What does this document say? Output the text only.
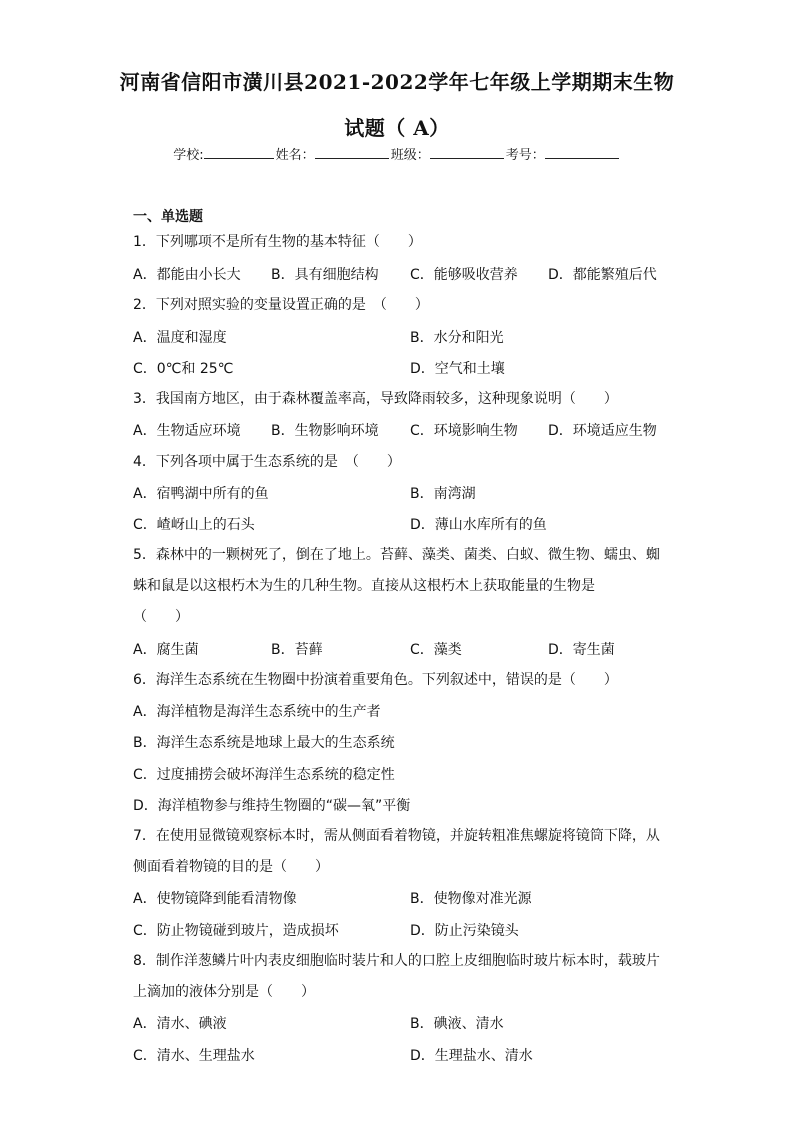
河南省信阳市潢川县2021-2022学年七年级上学期期末生物
试题（ A）
学校:	姓名：	班级：	考号：
一、单选题
1．下列哪项不是所有生物的基本特征（　　）
A．都能由小长大 B．具有细胞结构 C．能够吸收营养 D．都能繁殖后代
2．下列对照实验的变量设置正确的是　（　　）
A．温度和湿度	B．水分和阳光
C．0℃和 25℃	D．空气和土壤
3．我国南方地区，由于森林覆盖率高，导致降雨较多，这种现象说明（　　）
A．生物适应环境 B．生物影响环境 C．环境影响生物 D．环境适应生物
4．下列各项中属于生态系统的是　（　　）
A．宿鸭湖中所有的鱼	B．南湾湖
C．嵖岈山上的石头	D．薄山水库所有的鱼
5．森林中的一颗树死了，倒在了地上。苔藓、藻类、菌类、白蚁、微生物、蠕虫、蜘
蛛和鼠是以这根朽木为生的几种生物。直接从这根朽木上获取能量的生物是
（　　）
A．腐生菌	B．苔藓	C．藻类	D．寄生菌
6．海洋生态系统在生物圈中扮演着重要角色。下列叙述中，错误的是（　　）
A．海洋植物是海洋生态系统中的生产者
B．海洋生态系统是地球上最大的生态系统
C．过度捕捞会破坏海洋生态系统的稳定性
D．海洋植物参与维持生物圈的“碳—氧”平衡
7．在使用显微镜观察标本时，需从侧面看着物镜，并旋转粗准焦螺旋将镜筒下降，从
侧面看着物镜的目的是（　　）
A．使物镜降到能看清物像	B．使物像对准光源
C．防止物镜碰到玻片，造成损坏	D．防止污染镜头
8．制作洋葱鳞片叶内表皮细胞临时装片和人的口腔上皮细胞临时玻片标本时，载玻片
上滴加的液体分别是（　　）
A．清水、碘液	B．碘液、清水
C．清水、生理盐水	D．生理盐水、清水
